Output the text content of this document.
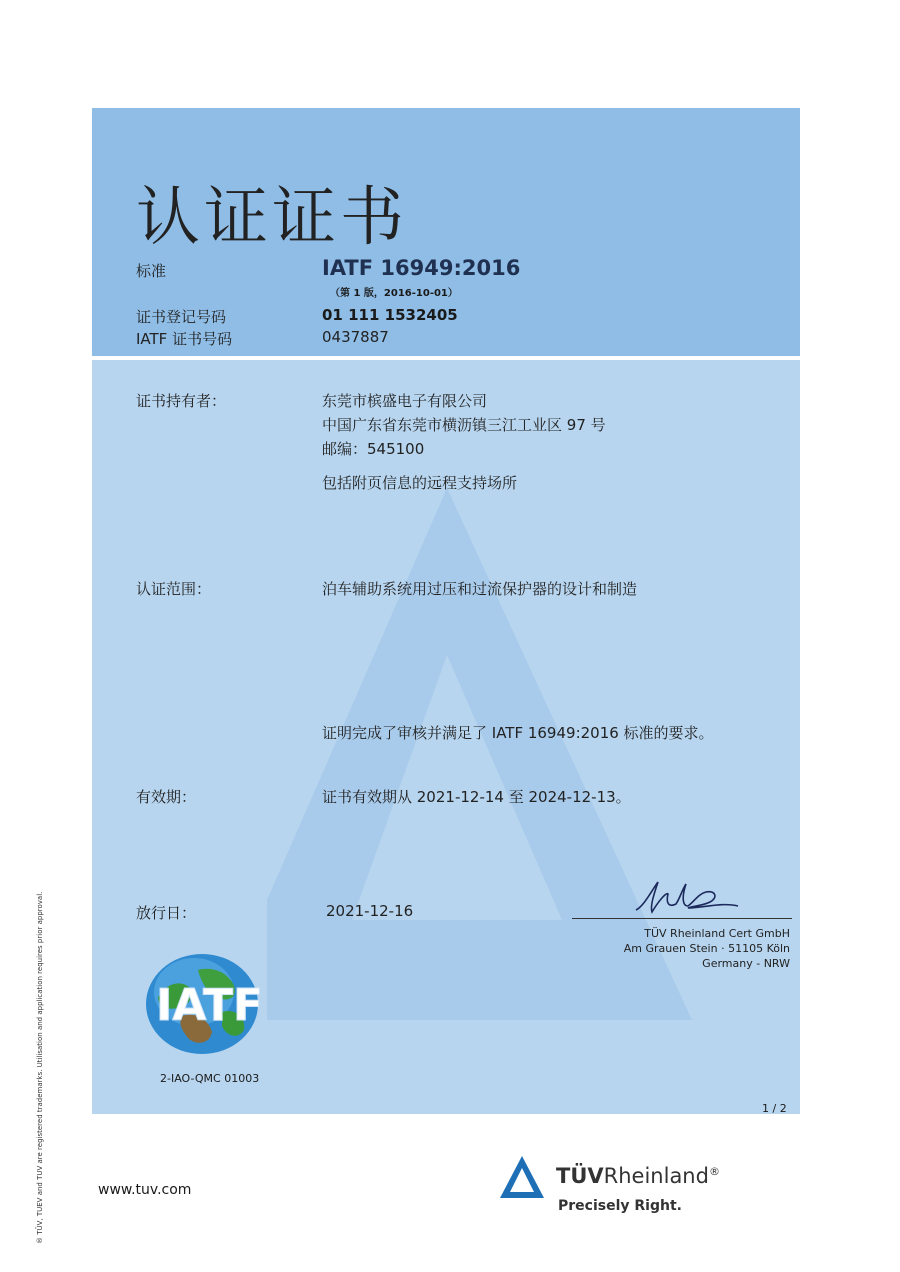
认证证书
标准	IATF 16949:2016
（第 1 版，2016-10-01）
证书登记号码	01 111 1532405
IATF 证书号码	0437887
证书持有者：	东莞市槟盛电子有限公司
中国广东省东莞市横沥镇三江工业区 97 号
邮编：545100
包括附页信息的远程支持场所
认证范围：	泊车辅助系统用过压和过流保护器的设计和制造
证明完成了审核并满足了 IATF 16949:2016 标准的要求。
有效期：	证书有效期从 2021-12-14 至 2024-12-13。
放行日：	2021-12-16
TÜV Rheinland Cert GmbH
Am Grauen Stein · 51105 Köln
Germany - NRW
IATF
2-IAO-QMC 01003
1 / 2
www.tuv.com
TÜVRheinland®
Precisely Right.
® TÜV, TUEV and TUV are registered trademarks. Utilisation and application requires prior approval.
